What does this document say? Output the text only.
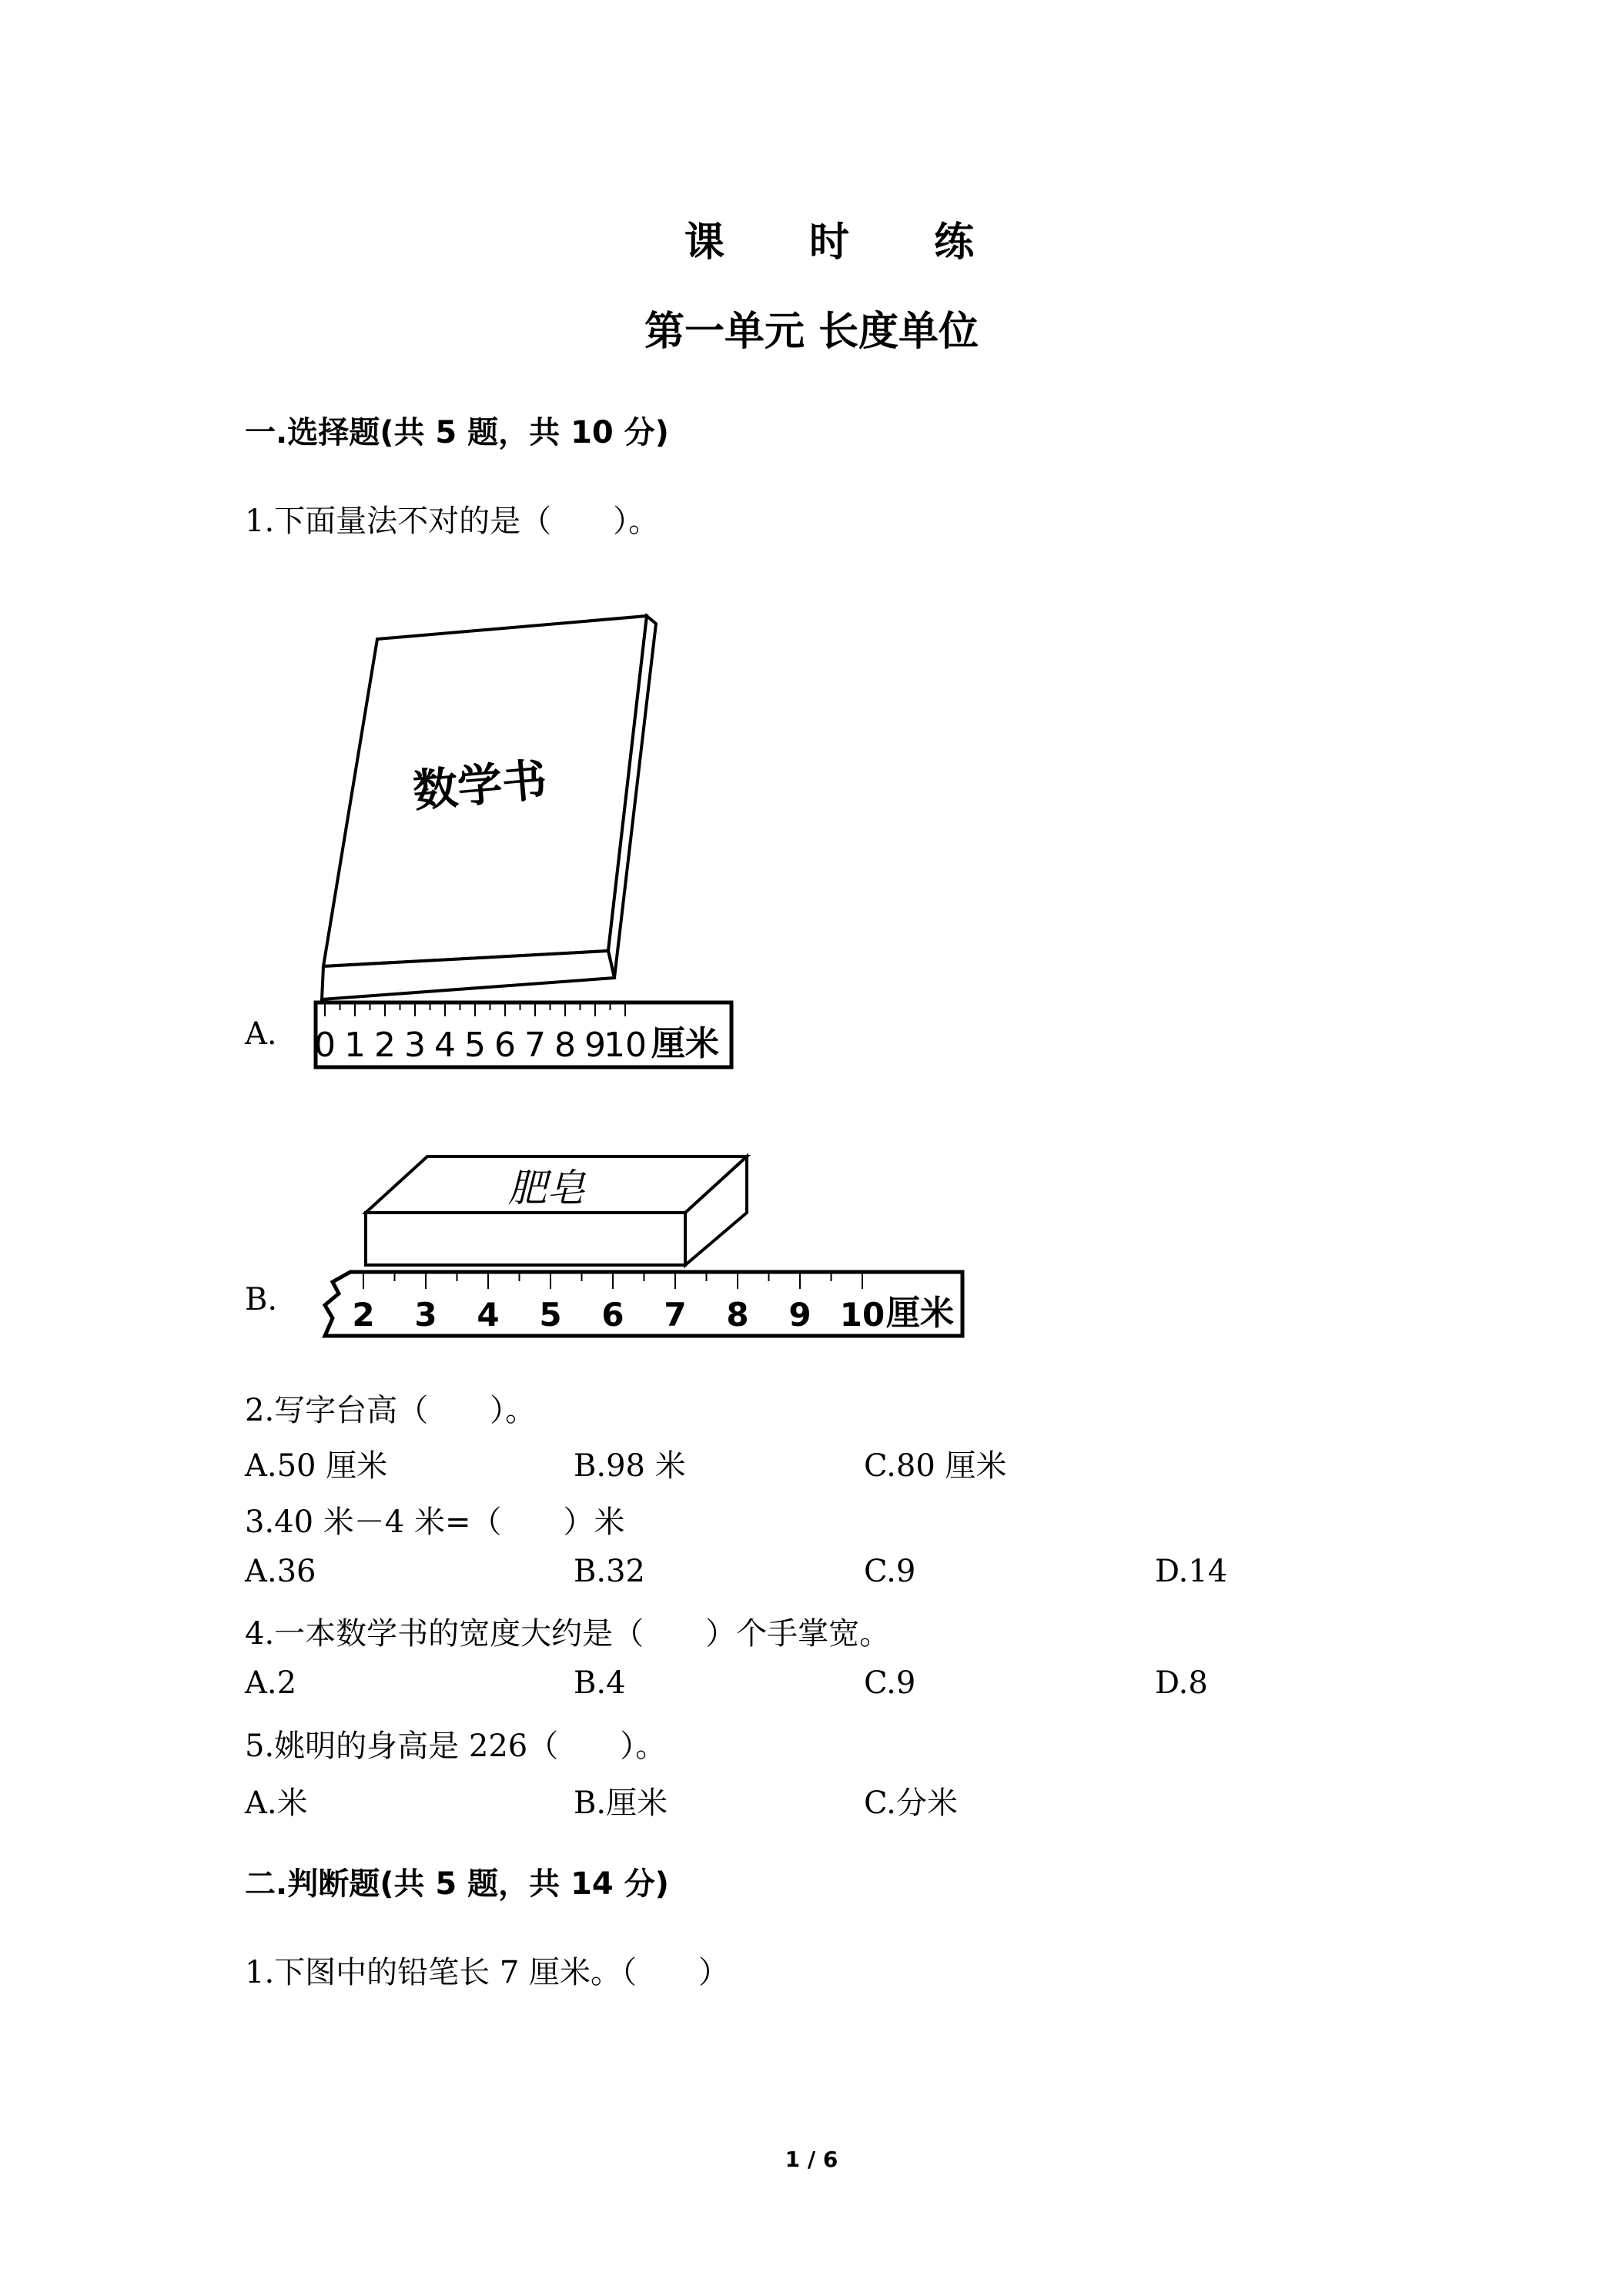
课 时 练
第一单元 长度单位
一.选择题(共 5 题，共 10 分)
1.下面量法不对的是（　　）。
A.
数学书
0 1 2 3 4 5 6 7 8 9
10 厘米
B.
肥皂
2 3 4 5 6 7 8 9 10 厘米
2.写字台高（　　）。
A.50 厘米	B.98 米	C.80 厘米
3.40 米－4 米=（　　）米
A.36	B.32	C.9	D.14
4.一本数学书的宽度大约是（　　）个手掌宽。
A.2	B.4	C.9	D.8
5.姚明的身高是 226（　　）。
A.米	B.厘米	C.分米
二.判断题(共 5 题，共 14 分)
1.下图中的铅笔长 7 厘米。（　　）
1 / 6
